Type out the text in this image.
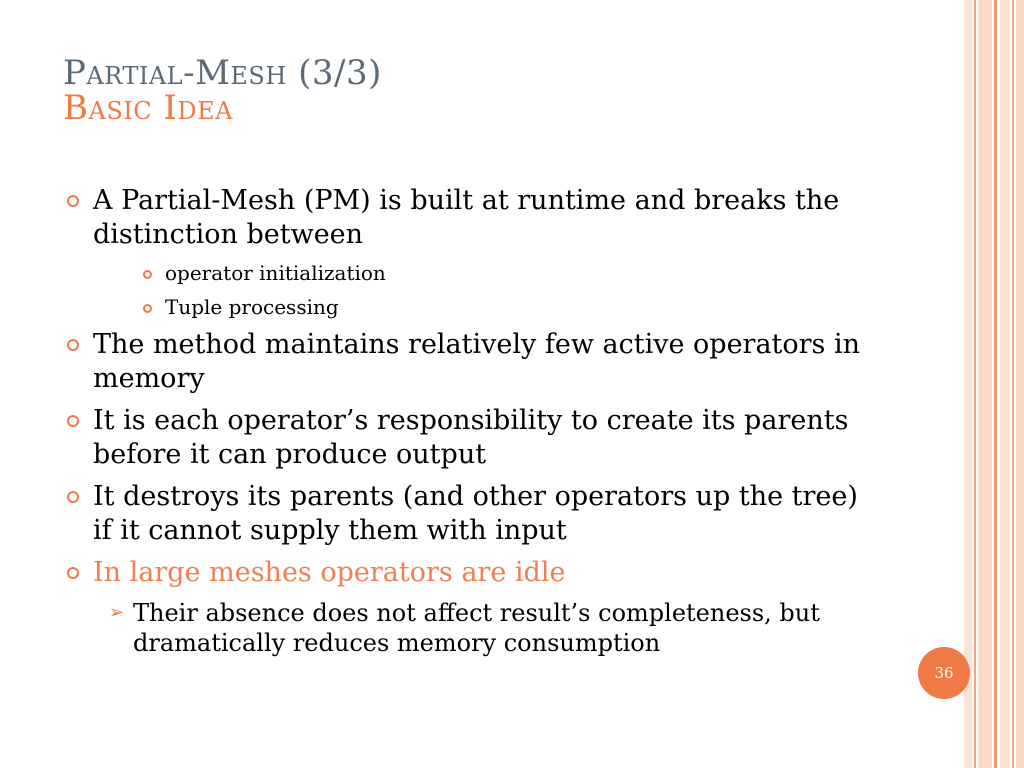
Partial-Mesh (3/3)
Basic Idea
A Partial-Mesh (PM) is built at runtime and breaks the distinction between
operator initialization
Tuple processing
The method maintains relatively few active operators in memory
It is each operator’s responsibility to create its parents before it can produce output
It destroys its parents (and other operators up the tree) if it cannot supply them with input
In large meshes operators are idle
➢ Their absence does not affect result’s completeness, but dramatically reduces memory consumption
36
